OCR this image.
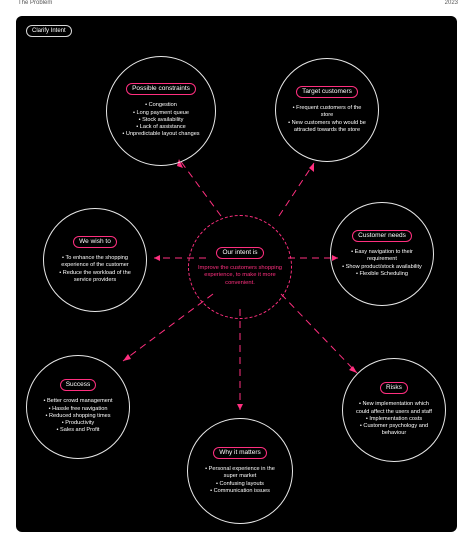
The Problem	2023
Clarify Intent
Our intent is
Improve the customers shopping experience, to make it more convenient.
Possible constraints
• Congestion
• Long payment queue
• Stock availability
• Lack of assistance
• Unpredictable layout changes
Target customers
• Frequent customers of the store
• New customers who would be attracted towards the store
We wish to
• To enhance the shopping experience of the customer
• Reduce the workload of the service providers
Customer needs
• Easy navigation to their requirement
• Show product/stock availability
• Flexible Scheduling
Success
• Better crowd management
• Hassle free navigation
• Reduced shopping times
• Productivity
• Sales and Profit
Risks
• New implementation which could affect the users and staff
• Implementation costs
• Customer psychology and behaviour
Why it matters
• Personal experience in the super market
• Confusing layouts
• Communication issues
